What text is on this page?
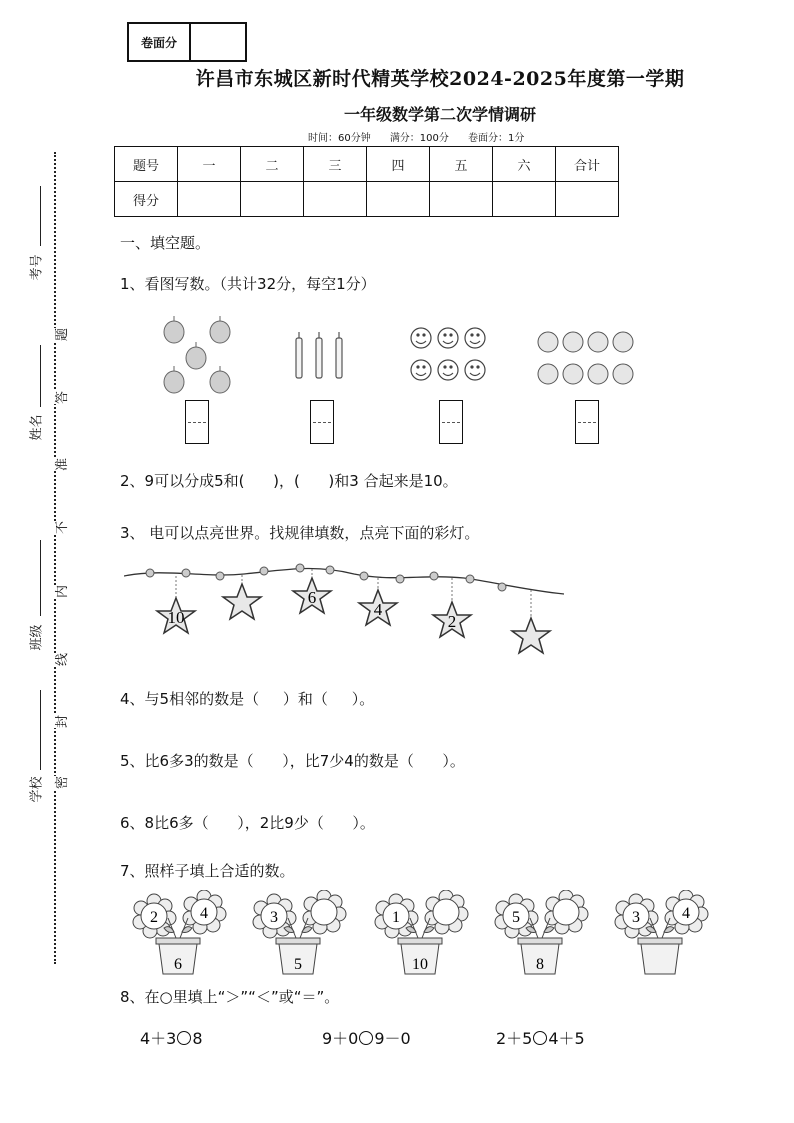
卷面分
许昌市东城区新时代精英学校2024-2025年度第一学期
一年级数学第二次学情调研
时间：60分钟 满分：100分 卷面分：1分
题号	一	二	三	四	五	六	合计
得分							
考号
姓名
班级
学校
题
答
准
不
内
线
封
密
一、填空题。
1、看图写数。（共计32分，每空1分）
2、9可以分成5和(      )，(      )和3 合起来是10。
3、 电可以点亮世界。找规律填数，点亮下面的彩灯。
10
6
4
2
4、与5相邻的数是（     ）和（     ）。
5、比6多3的数是（      ），比7少4的数是（      ）。
6、8比6多（      ），2比9少（      ）。
7、照样子填上合适的数。
2	4
6
3
5
1
10
5
8
3	4
8、在○里填上“＞”“＜”或“＝”。
4＋3 8	9＋0 9－0	2＋5 4＋5
